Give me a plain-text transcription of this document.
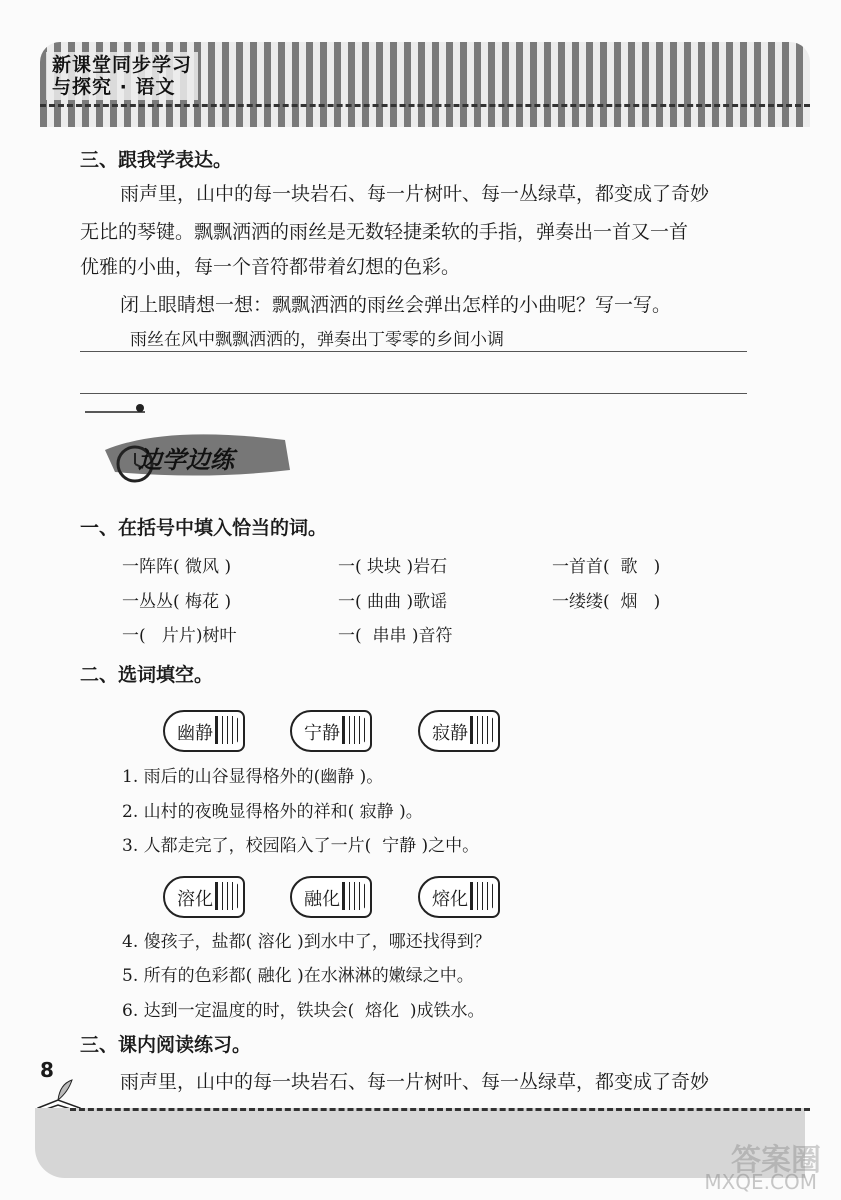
新课堂同步学习
与探究 · 语文
三、跟我学表达。
雨声里，山中的每一块岩石、每一片树叶、每一丛绿草，都变成了奇妙
无比的琴键。飘飘洒洒的雨丝是无数轻捷柔软的手指，弹奏出一首又一首
优雅的小曲，每一个音符都带着幻想的色彩。
闭上眼睛想一想：飘飘洒洒的雨丝会弹出怎样的小曲呢？写一写。
雨丝在风中飘飘洒洒的，弹奏出丁零零的乡间小调
边学边练
一、在括号中填入恰当的词。
一阵阵( 微风 )	一( 块块 )岩石	一首首( 歌 )
一丛丛( 梅花 )	一( 曲曲 )歌谣	一缕缕( 烟 )
一( 片片)树叶	一( 串串 )音符
二、选词填空。
幽静	宁静	寂静
1. 雨后的山谷显得格外的(幽静 )。
2. 山村的夜晚显得格外的祥和( 寂静 )。
3. 人都走完了，校园陷入了一片( 宁静 )之中。
溶化	融化	熔化
4. 傻孩子，盐都( 溶化 )到水中了，哪还找得到？
5. 所有的色彩都( 融化 )在水淋淋的嫩绿之中。
6. 达到一定温度的时，铁块会( 熔化 )成铁水。
三、课内阅读练习。
雨声里，山中的每一块岩石、每一片树叶、每一丛绿草，都变成了奇妙
8
答案圈
MXQE.COM
